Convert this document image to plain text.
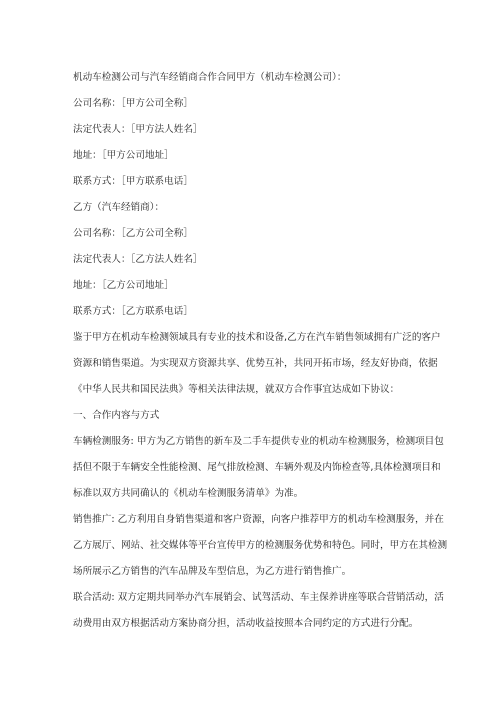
机动车检测公司与汽车经销商合作合同甲方（机动车检测公司）：
公司名称：［甲方公司全称］
法定代表人：［甲方法人姓名］
地址：［甲方公司地址］
联系方式：［甲方联系电话］
乙方（汽车经销商）：
公司名称：［乙方公司全称］
法定代表人：［乙方法人姓名］
地址：［乙方公司地址］
联系方式：［乙方联系电话］
鉴于甲方在机动车检测领域具有专业的技术和设备,乙方在汽车销售领域拥有广泛的客户
资源和销售渠道。为实现双方资源共享、优势互补，共同开拓市场，经友好协商，依据
《中华人民共和国民法典》等相关法律法规，就双方合作事宜达成如下协议：
一、合作内容与方式
车辆检测服务: 甲方为乙方销售的新车及二手车提供专业的机动车检测服务，检测项目包
括但不限于车辆安全性能检测、尾气排放检测、车辆外观及内饰检查等,具体检测项目和
标准以双方共同确认的《机动车检测服务清单》为准。
销售推广: 乙方利用自身销售渠道和客户资源，向客户推荐甲方的机动车检测服务，并在
乙方展厅、网站、社交媒体等平台宣传甲方的检测服务优势和特色。同时，甲方在其检测
场所展示乙方销售的汽车品牌及车型信息，为乙方进行销售推广。
联合活动: 双方定期共同举办汽车展销会、试驾活动、车主保养讲座等联合营销活动，活
动费用由双方根据活动方案协商分担，活动收益按照本合同约定的方式进行分配。
